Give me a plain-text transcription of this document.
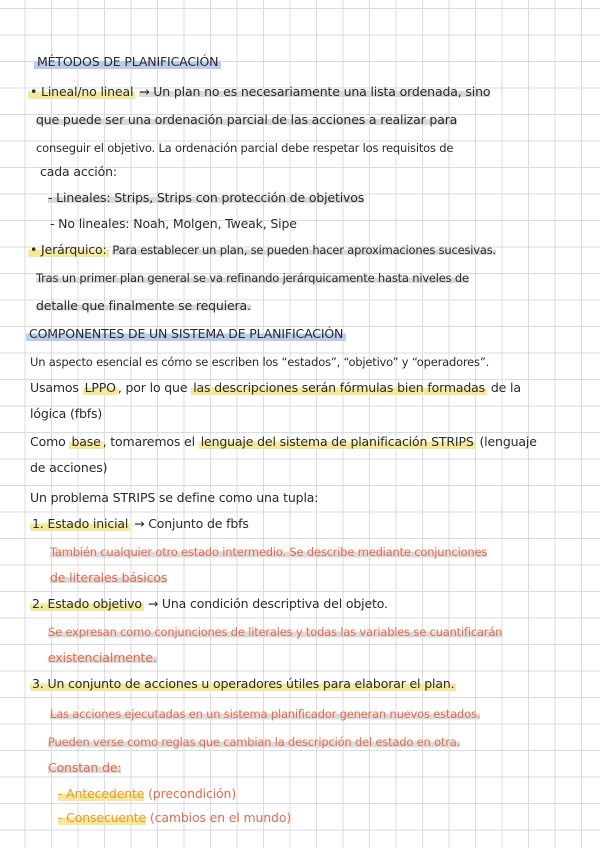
MÉTODOS DE PLANIFICACIÓN
• Lineal/no lineal → Un plan no es necesariamente una lista ordenada, sino
que puede ser una ordenación parcial de las acciones a realizar para
conseguir el objetivo. La ordenación parcial debe respetar los requisitos de
cada acción:
- Lineales: Strips, Strips con protección de objetivos
- No lineales: Noah, Molgen, Tweak, Sipe
• Jerárquico: Para establecer un plan, se pueden hacer aproximaciones sucesivas.
Tras un primer plan general se va refinando jerárquicamente hasta niveles de
detalle que finalmente se requiera.
COMPONENTES DE UN SISTEMA DE PLANIFICACIÓN
Un aspecto esencial es cómo se escriben los “estados”, “objetivo” y “operadores”.
Usamos LPPO , por lo que las descripciones serán fórmulas bien formadas de la
lógica (fbfs)
Como base , tomaremos el lenguaje del sistema de planificación STRIPS (lenguaje
de acciones)
Un problema STRIPS se define como una tupla:
1. Estado inicial → Conjunto de fbfs
También cualquier otro estado intermedio. Se describe mediante conjunciones
de literales básicos
2. Estado objetivo → Una condición descriptiva del objeto.
Se expresan como conjunciones de literales y todas las variables se cuantificarán
existencialmente.
3. Un conjunto de acciones u operadores útiles para elaborar el plan.
Las acciones ejecutadas en un sistema planificador generan nuevos estados.
Pueden verse como reglas que cambian la descripción del estado en otra.
Constan de:
- Antecedente (precondición)
- Consecuente (cambios en el mundo)
